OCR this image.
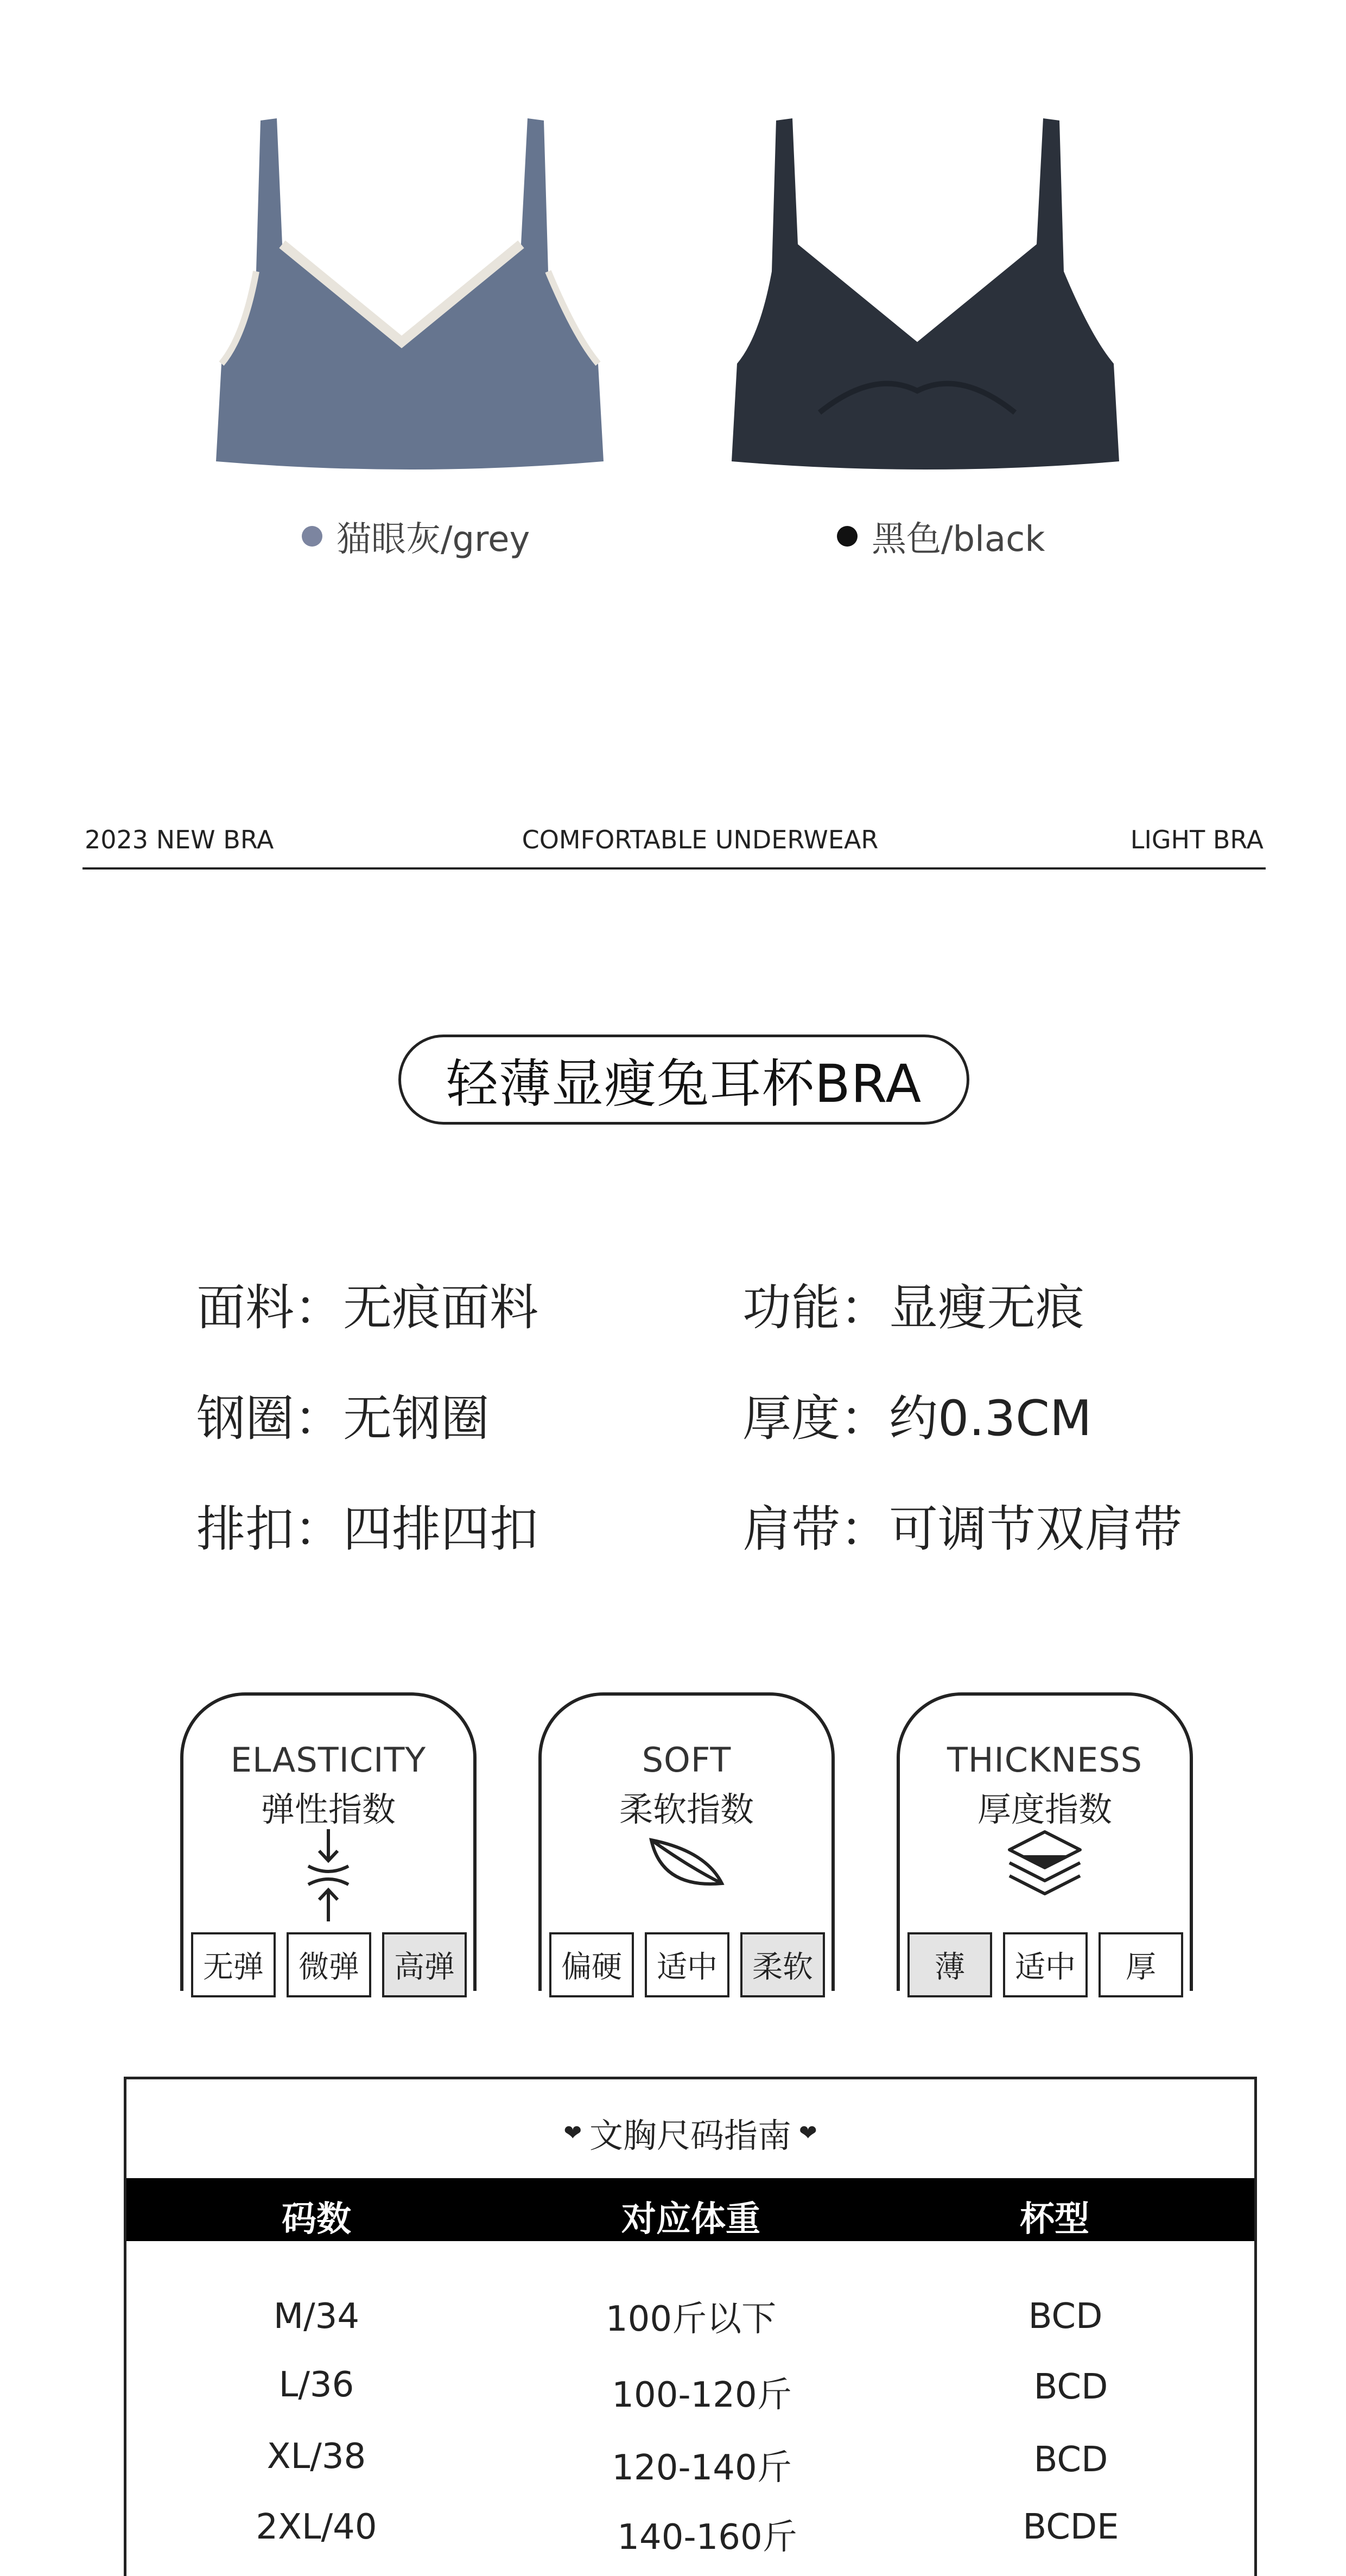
猫眼灰/grey	黑色/black
2023 NEW BRA	COMFORTABLE UNDERWEAR	LIGHT BRA
轻薄显瘦兔耳杯BRA
面料：无痕面料	功能：显瘦无痕
钢圈：无钢圈	厚度：约0.3CM
排扣：四排四扣	肩带：可调节双肩带
ELASTICITY
弹性指数
无弹	微弹	高弹
SOFT
柔软指数
偏硬	适中	柔软
THICKNESS
厚度指数
薄	适中	厚
❤ 文胸尺码指南 ❤
码数	对应体重	杯型
M/34	100斤以下	BCD
L/36	100-120斤	BCD
XL/38	120-140斤	BCD
2XL/40	140-160斤	BCDE
